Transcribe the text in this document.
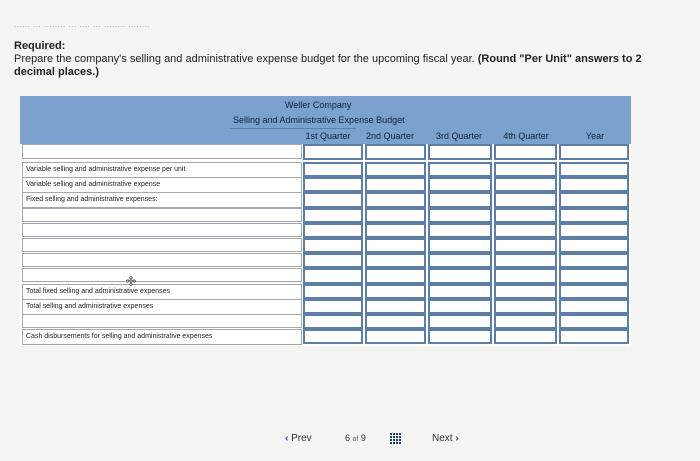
...... ... ........ ... .... ... ........ ........
Required:
Prepare the company's selling and administrative expense budget for the upcoming fiscal year. (Round "Per Unit" answers to 2 decimal places.)
Weller Company
Selling and Administrative Expense Budget
1st Quarter	2nd Quarter	3rd Quarter	4th Quarter	Year
Variable selling and administrative expense per unit
Variable selling and administrative expense
Fixed selling and administrative expenses:
Total fixed selling and administrative expenses
Total selling and administrative expenses
Cash disbursements for selling and administrative expenses
‹ Prev	6 of 9	Next ›
